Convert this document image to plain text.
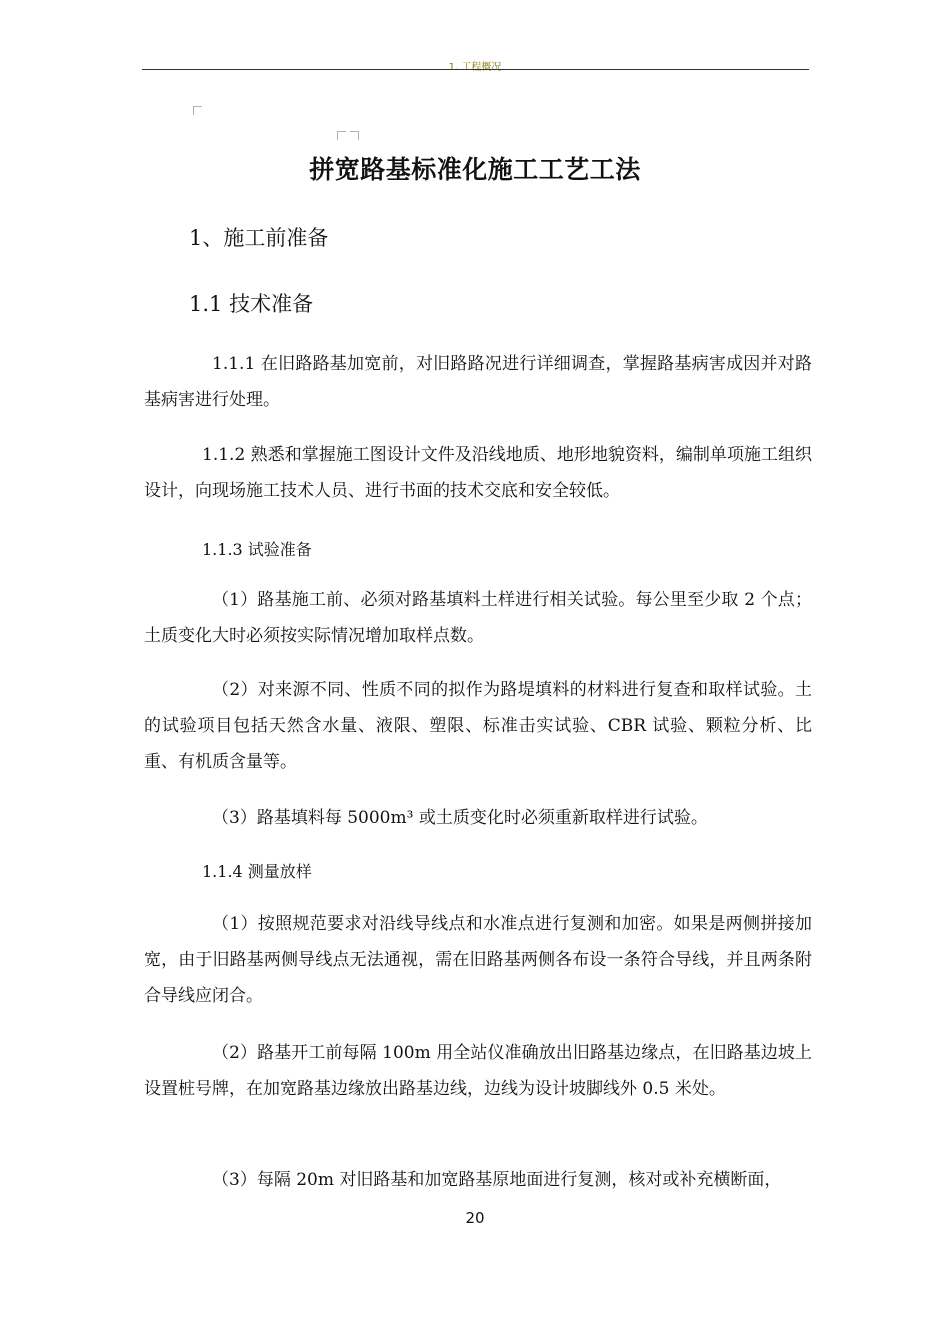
1. 工程概况
拼宽路基标准化施工工艺工法
1、施工前准备
1.1 技术准备

1.1.1 在旧路路基加宽前，对旧路路况进行详细调查，掌握路基病害成因并对路基病害进行处理。

1.1.2 熟悉和掌握施工图设计文件及沿线地质、地形地貌资料，编制单项施工组织设计，向现场施工技术人员、进行书面的技术交底和安全较低。

1.1.3 试验准备

（1）路基施工前、必须对路基填料土样进行相关试验。每公里至少取 2 个点；土质变化大时必须按实际情况增加取样点数。

（2）对来源不同、性质不同的拟作为路堤填料的材料进行复查和取样试验。土的试验项目包括天然含水量、液限、塑限、标准击实试验、CBR 试验、颗粒分析、比重、有机质含量等。

（3）路基填料每 5000m³ 或土质变化时必须重新取样进行试验。

1.1.4 测量放样

（1）按照规范要求对沿线导线点和水准点进行复测和加密。如果是两侧拼接加宽，由于旧路基两侧导线点无法通视，需在旧路基两侧各布设一条符合导线，并且两条附合导线应闭合。

（2）路基开工前每隔 100m 用全站仪准确放出旧路基边缘点，在旧路基边坡上设置桩号牌，在加宽路基边缘放出路基边线，边线为设计坡脚线外 0.5 米处。

（3）每隔 20m 对旧路基和加宽路基原地面进行复测，核对或补充横断面，

20
